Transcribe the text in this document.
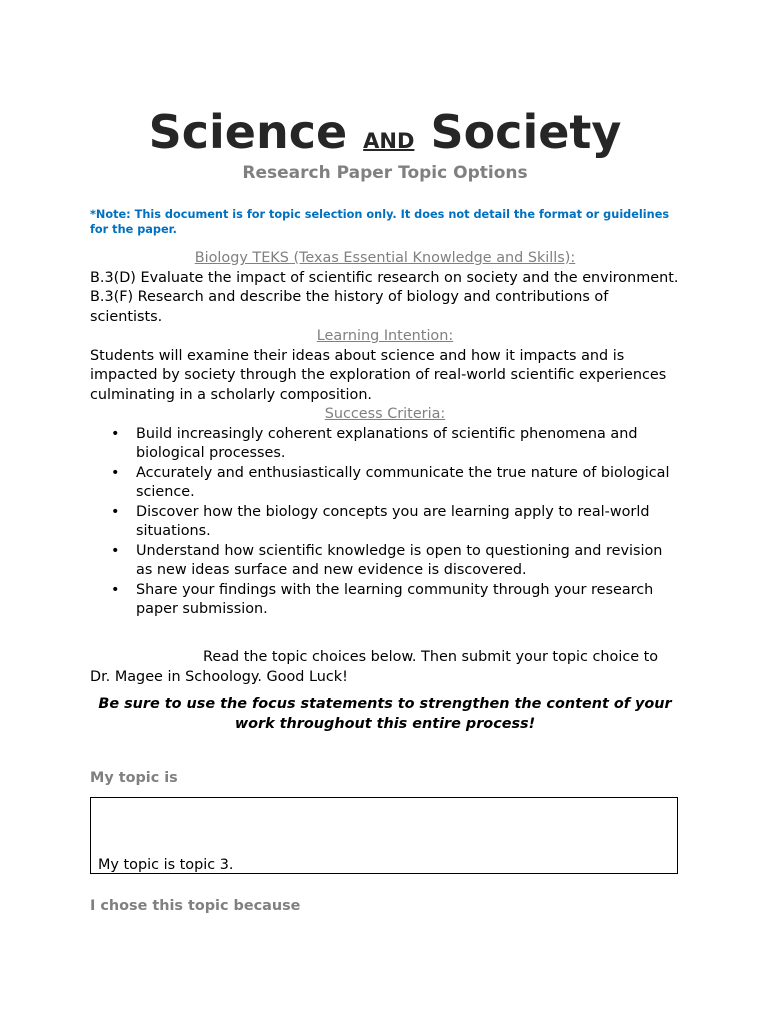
Science AND Society
Research Paper Topic Options
*Note: This document is for topic selection only. It does not detail the format or guidelines for the paper.

Biology TEKS (Texas Essential Knowledge and Skills):

B.3(D) Evaluate the impact of scientific research on society and the environment.

B.3(F) Research and describe the history of biology and contributions of scientists.

Learning Intention:

Students will examine their ideas about science and how it impacts and is impacted by society through the exploration of real-world scientific experiences culminating in a scholarly composition.

Success Criteria:

• Build increasingly coherent explanations of scientific phenomena and biological processes.
• Accurately and enthusiastically communicate the true nature of biological science.
• Discover how the biology concepts you are learning apply to real-world situations.
• Understand how scientific knowledge is open to questioning and revision as new ideas surface and new evidence is discovered.
• Share your findings with the learning community through your research paper submission.
Read the topic choices below. Then submit your topic choice to Dr. Magee in Schoology. Good Luck!
Be sure to use the focus statements to strengthen the content of your work throughout this entire process!
My topic is
My topic is topic 3.
I chose this topic because
